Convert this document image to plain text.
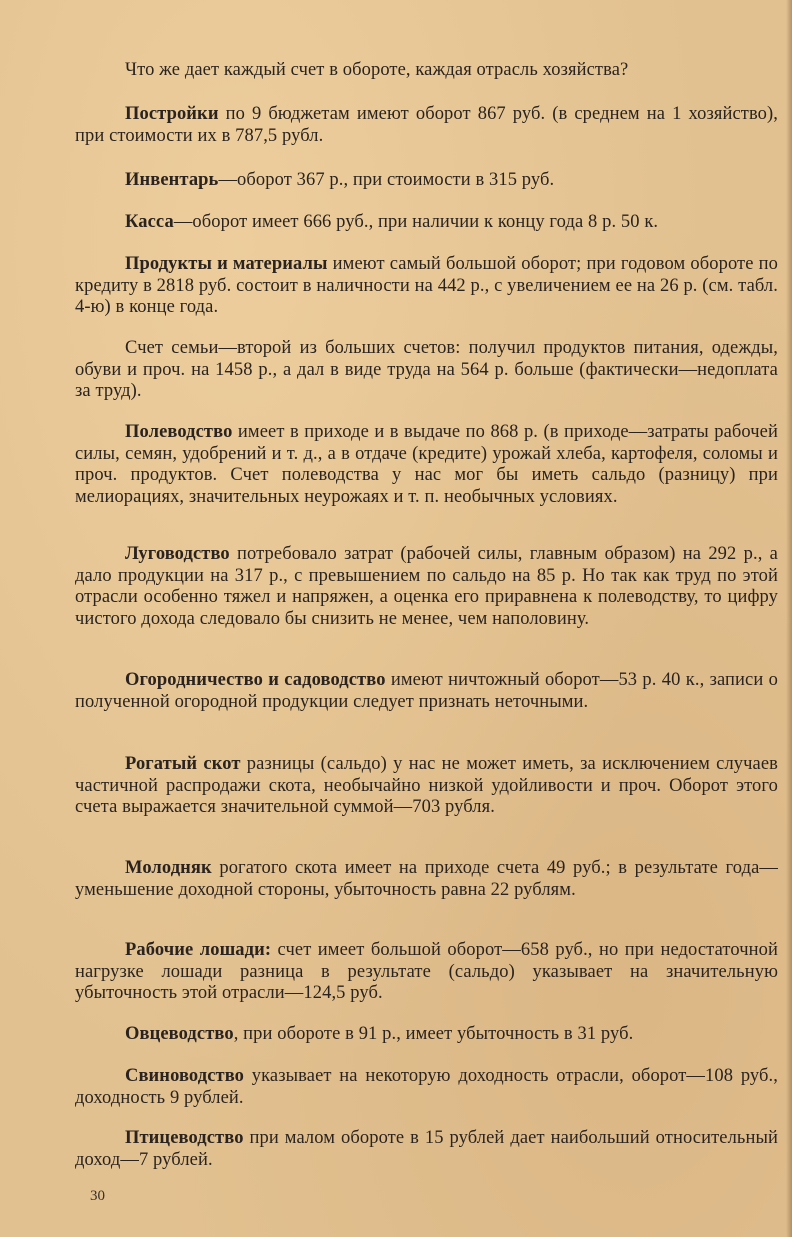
Что же дает каждый счет в обороте, каждая отрасль хозяйства?

Постройки по 9 бюджетам имеют оборот 867 руб. (в среднем на 1 хозяйство), при стоимости их в 787,5 рубл.

Инвентарь—оборот 367 р., при стоимости в 315 руб.

Касса—оборот имеет 666 руб., при наличии к концу года 8 р. 50 к.

Продукты и материалы имеют самый большой оборот; при годовом обороте по кредиту в 2818 руб. состоит в наличности на 442 р., с увеличением ее на 26 р. (см. табл. 4-ю) в конце года.

Счет семьи—второй из больших счетов: получил продуктов питания, одежды, обуви и проч. на 1458 р., а дал в виде труда на 564 р. больше (фактически—недоплата за труд).

Полеводство имеет в приходе и в выдаче по 868 р. (в приходе—затраты рабочей силы, семян, удобрений и т. д., а в отдаче (кредите) урожай хлеба, картофеля, соломы и проч. продуктов. Счет полеводства у нас мог бы иметь сальдо (разницу) при мелиорациях, значительных неурожаях и т. п. необычных условиях.

Луговодство потребовало затрат (рабочей силы, главным образом) на 292 р., а дало продукции на 317 р., с превышением по сальдо на 85 р. Но так как труд по этой отрасли особенно тяжел и напряжен, а оценка его приравнена к полеводству, то цифру чистого дохода следовало бы снизить не менее, чем наполовину.

Огородничество и садоводство имеют ничтожный оборот—53 р. 40 к., записи о полученной огородной продукции следует признать неточными.

Рогатый скот разницы (сальдо) у нас не может иметь, за исключением случаев частичной распродажи скота, необычайно низкой удойливости и проч. Оборот этого счета выражается значительной суммой—703 рубля.

Молодняк рогатого скота имеет на приходе счета 49 руб.; в результате года—уменьшение доходной стороны, убыточность равна 22 рублям.

Рабочие лошади: счет имеет большой оборот—658 руб., но при недостаточной нагрузке лошади разница в результате (сальдо) указывает на значительную убыточность этой отрасли—124,5 руб.

Овцеводство, при обороте в 91 р., имеет убыточность в 31 руб.

Свиноводство указывает на некоторую доходность отрасли, оборот—108 руб., доходность 9 рублей.

Птицеводство при малом обороте в 15 рублей дает наибольший относительный доход—7 рублей.

30
